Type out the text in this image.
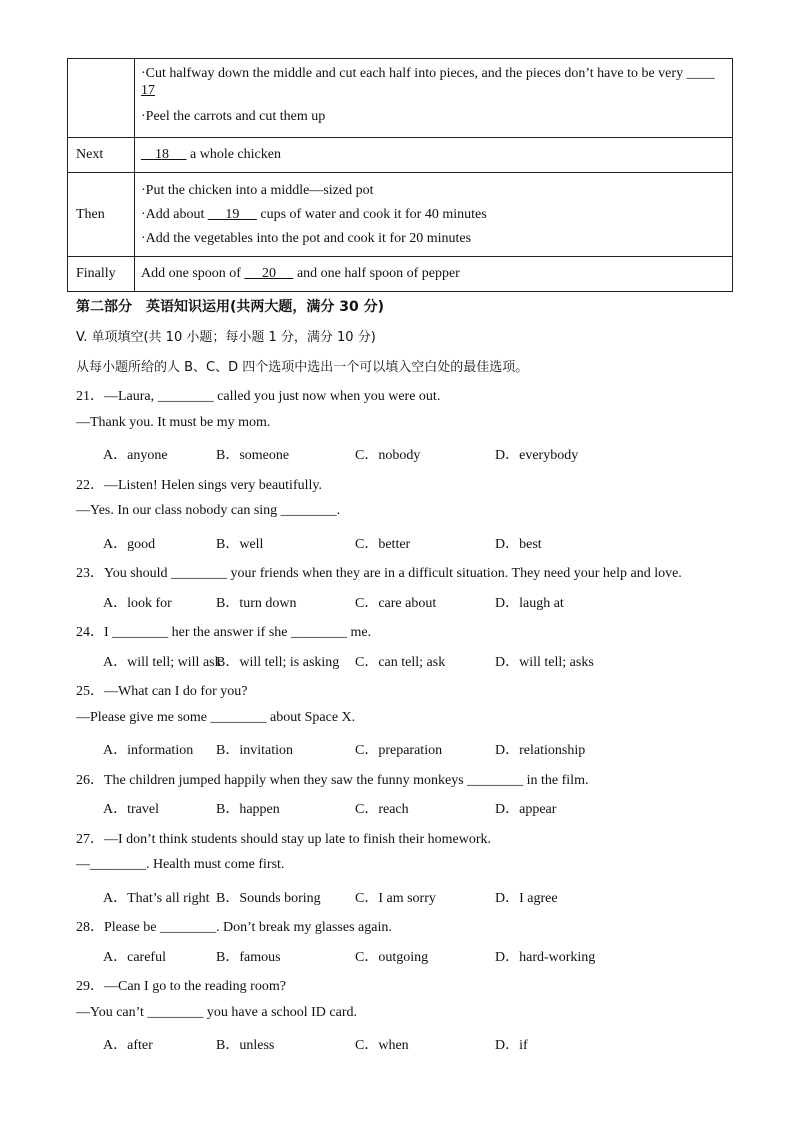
	·Cut halfway down the middle and cut each half into pieces, and the pieces don’t have to be very ____
17
·Peel the carrots and cut them up

Next	18      a whole chicken

Then	·Put the chicken into a middle—sized pot
·Add about      19      cups of water and cook it for 40 minutes
·Add the vegetables into the pot and cook it for 20 minutes

Finally	Add one spoon of      20      and one half spoon of pepper
第二部分　英语知识运用(共两大题，满分 30 分)
V. 单项填空(共 10 小题；每小题 1 分，满分 10 分)
从每小题所给的人 B、C、D 四个选项中选出一个可以填入空白处的最佳选项。
21．—Laura, ________ called you just now when you were out.
—Thank you. It must be my mom.
A．anyone	B．someone	C．nobody	D．everybody
22．—Listen! Helen sings very beautifully.
—Yes. In our class nobody can sing ________.
A．good	B．well	C．better	D．best
23．You should ________ your friends when they are in a difficult situation. They need your help and love.
A．look for	B．turn down	C．care about	D．laugh at
24．I ________ her the answer if she ________ me.
A．will tell; will ask
B．will tell; is asking C．can tell; ask	D．will tell; asks
25．—What can I do for you?
—Please give me some ________ about Space X.
A．information B．invitation	C．preparation	D．relationship
26．The children jumped happily when they saw the funny monkeys ________ in the film.
A．travel	B．happen	C．reach	D．appear
27．—I don’t think students should stay up late to finish their homework.
—________. Health must come first.
A．That’s all right B．Sounds boring C．I am sorry	D．I agree
28．Please be ________. Don’t break my glasses again.
A．careful	B．famous	C．outgoing	D．hard-working
29．—Can I go to the reading room?
—You can’t ________ you have a school ID card.
A．after	B．unless	C．when	D．if
